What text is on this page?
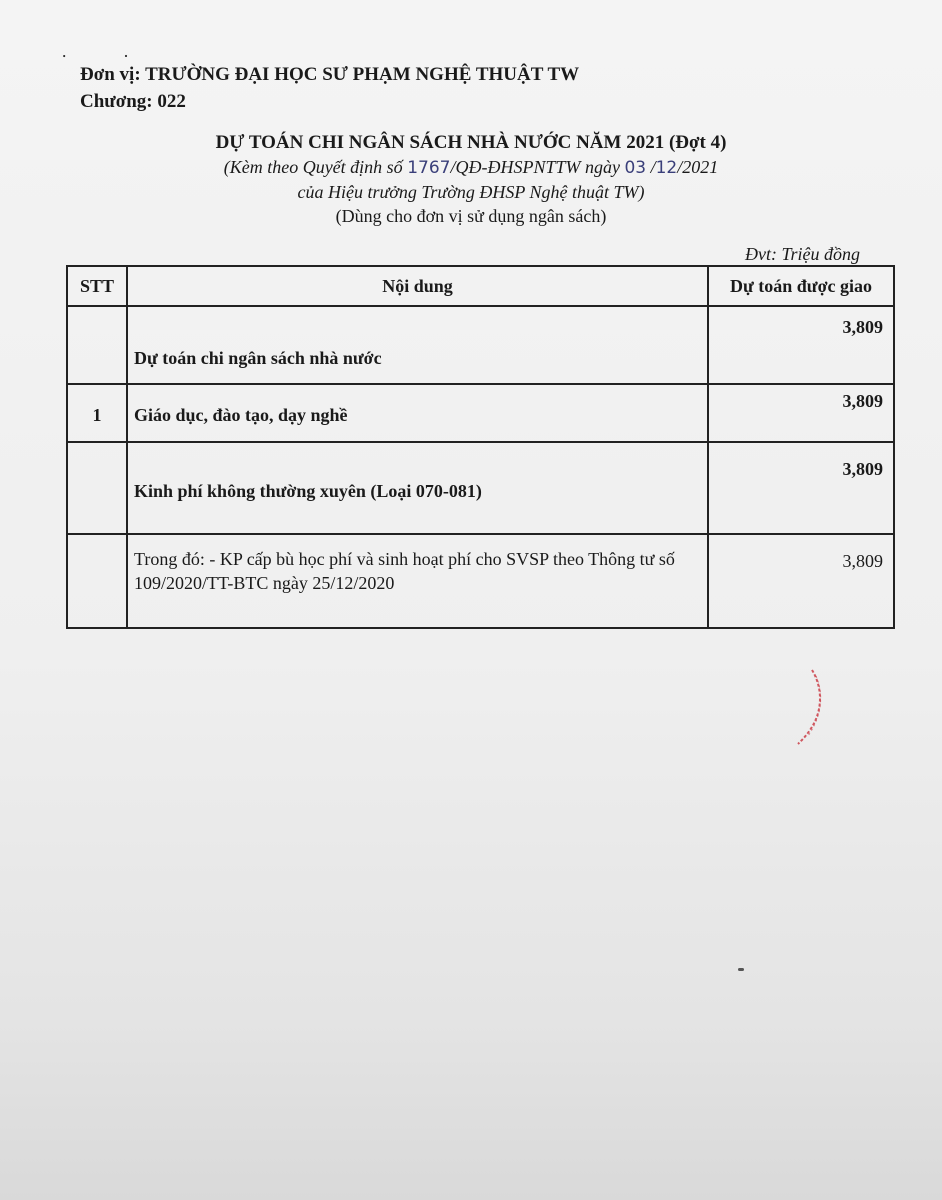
∙ ·
Đơn vị: TRƯỜNG ĐẠI HỌC SƯ PHẠM NGHỆ THUẬT TW
Chương: 022
DỰ TOÁN CHI NGÂN SÁCH NHÀ NƯỚC NĂM 2021 (Đợt 4)
(Kèm theo Quyết định số 1767/QĐ-ĐHSPNTTW ngày 03 /12/2021
của Hiệu trưởng Trường ĐHSP Nghệ thuật TW)
(Dùng cho đơn vị sử dụng ngân sách)
Đvt: Triệu đồng
STT	Nội dung	Dự toán được giao
	Dự toán chi ngân sách nhà nước	3,809
1	Giáo dục, đào tạo, dạy nghề	3,809
	Kinh phí không thường xuyên (Loại 070-081)	3,809
	Trong đó: - KP cấp bù học phí và sinh hoạt phí cho SVSP theo Thông tư số 109/2020/TT-BTC ngày 25/12/2020	3,809
